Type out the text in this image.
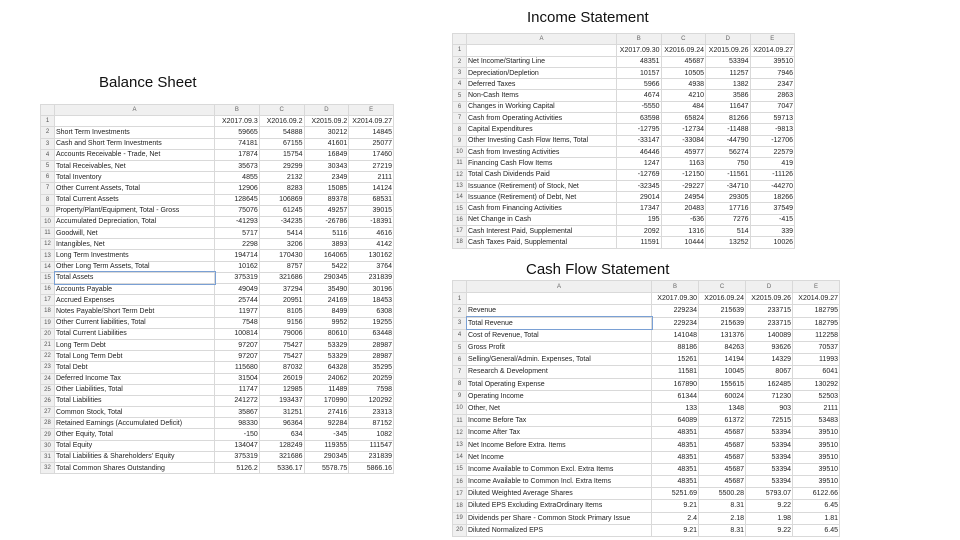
Income Statement
Balance Sheet
Cash Flow Statement
	A	B	C	D	E
1		X2017.09.3	X2016.09.2	X2015.09.2	X2014.09.27
2	Short Term Investments	59665	54888	30212	14845
3	Cash and Short Term Investments	74181	67155	41601	25077
4	Accounts Receivable - Trade, Net	17874	15754	16849	17460
5	Total Receivables, Net	35673	29299	30343	27219
6	Total Inventory	4855	2132	2349	2111
7	Other Current Assets, Total	12906	8283	15085	14124
8	Total Current Assets	128645	106869	89378	68531
9	Property/Plant/Equipment, Total - Gross	75076	61245	49257	39015
10	Accumulated Depreciation, Total	-41293	-34235	-26786	-18391
11	Goodwill, Net	5717	5414	5116	4616
12	Intangibles, Net	2298	3206	3893	4142
13	Long Term Investments	194714	170430	164065	130162
14	Other Long Term Assets, Total	10162	8757	5422	3764
15	Total Assets	375319	321686	290345	231839
16	Accounts Payable	49049	37294	35490	30196
17	Accrued Expenses	25744	20951	24169	18453
18	Notes Payable/Short Term Debt	11977	8105	8499	6308
19	Other Current liabilities, Total	7548	9156	9952	19255
20	Total Current Liabilities	100814	79006	80610	63448
21	Long Term Debt	97207	75427	53329	28987
22	Total Long Term Debt	97207	75427	53329	28987
23	Total Debt	115680	87032	64328	35295
24	Deferred Income Tax	31504	26019	24062	20259
25	Other Liabilities, Total	11747	12985	11489	7598
26	Total Liabilities	241272	193437	170990	120292
27	Common Stock, Total	35867	31251	27416	23313
28	Retained Earnings (Accumulated Deficit)	98330	96364	92284	87152
29	Other Equity, Total	-150	634	-345	1082
30	Total Equity	134047	128249	119355	111547
31	Total Liabilities & Shareholders' Equity	375319	321686	290345	231839
32	Total Common Shares Outstanding	5126.2	5336.17	5578.75	5866.16
	A	B	C	D	E
1		X2017.09.30	X2016.09.24	X2015.09.26	X2014.09.27
2	Net Income/Starting Line	48351	45687	53394	39510
3	Depreciation/Depletion	10157	10505	11257	7946
4	Deferred Taxes	5966	4938	1382	2347
5	Non-Cash Items	4674	4210	3586	2863
6	Changes in Working Capital	-5550	484	11647	7047
7	Cash from Operating Activities	63598	65824	81266	59713
8	Capital Expenditures	-12795	-12734	-11488	-9813
9	Other Investing Cash Flow Items, Total	-33147	-33084	-44790	-12706
10	Cash from Investing Activities	46446	45977	56274	22579
11	Financing Cash Flow Items	1247	1163	750	419
12	Total Cash Dividends Paid	-12769	-12150	-11561	-11126
13	Issuance (Retirement) of Stock, Net	-32345	-29227	-34710	-44270
14	Issuance (Retirement) of Debt, Net	29014	24954	29305	18266
15	Cash from Financing Activities	17347	20483	17716	37549
16	Net Change in Cash	195	-636	7276	-415
17	Cash Interest Paid, Supplemental	2092	1316	514	339
18	Cash Taxes Paid, Supplemental	11591	10444	13252	10026
	A	B	C	D	E
1		X2017.09.30	X2016.09.24	X2015.09.26	X2014.09.27
2	Revenue	229234	215639	233715	182795
3	Total Revenue	229234	215639	233715	182795
4	Cost of Revenue, Total	141048	131376	140089	112258
5	Gross Profit	88186	84263	93626	70537
6	Selling/General/Admin. Expenses, Total	15261	14194	14329	11993
7	Research & Development	11581	10045	8067	6041
8	Total Operating Expense	167890	155615	162485	130292
9	Operating Income	61344	60024	71230	52503
10	Other, Net	133	1348	903	2111
11	Income Before Tax	64089	61372	72515	53483
12	Income After Tax	48351	45687	53394	39510
13	Net Income Before Extra. Items	48351	45687	53394	39510
14	Net Income	48351	45687	53394	39510
15	Income Available to Common Excl. Extra Items	48351	45687	53394	39510
16	Income Available to Common Incl. Extra Items	48351	45687	53394	39510
17	Diluted Weighted Average Shares	5251.69	5500.28	5793.07	6122.66
18	Diluted EPS Excluding ExtraOrdinary Items	9.21	8.31	9.22	6.45
19	Dividends per Share - Common Stock Primary Issue	2.4	2.18	1.98	1.81
20	Diluted Normalized EPS	9.21	8.31	9.22	6.45
